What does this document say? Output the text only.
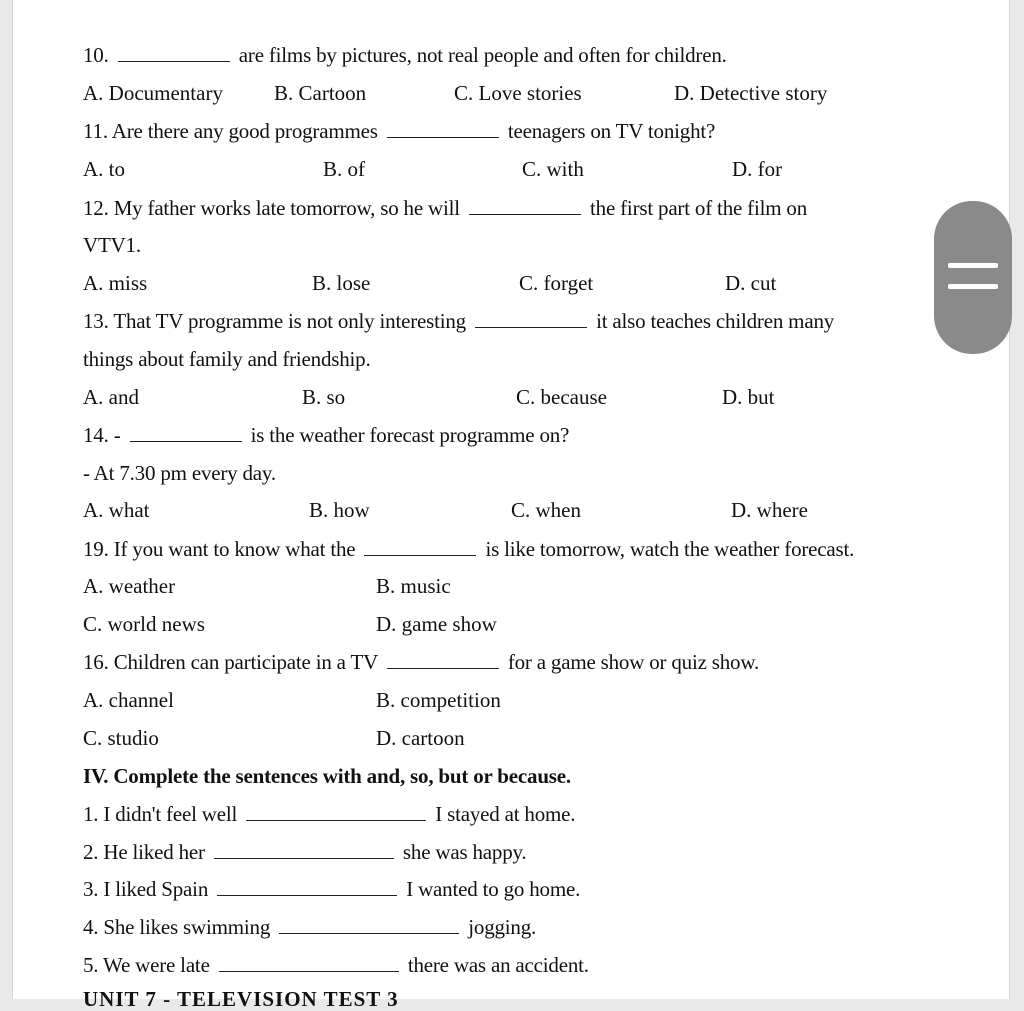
10.	are films by pictures, not real people and often for children.
A. Documentary B. Cartoon	C. Love stories	D. Detective story
11. Are there any good programmes	teenagers on TV tonight?
A. to	B. of	C. with	D. for
12. My father works late tomorrow, so he will	the first part of the film on
VTV1.
A. miss	B. lose	C. forget	D. cut
13. That TV programme is not only interesting	it also teaches children many
things about family and friendship.
A. and	B. so	C. because	D. but
14. -	is the weather forecast programme on?
- At 7.30 pm every day.
A. what	B. how	C. when	D. where
19. If you want to know what the	is like tomorrow, watch the weather forecast.
A. weather	B. music
C. world news	D. game show
16. Children can participate in a TV	for a game show or quiz show.
A. channel	B. competition
C. studio	D. cartoon
IV. Complete the sentences with and, so, but or because.
1. I didn't feel well	I stayed at home.
2. He liked her	she was happy.
3. I liked Spain	I wanted to go home.
4. She likes swimming	jogging.
5. We were late	there was an accident.
UNIT 7 - TELEVISION TEST 3
